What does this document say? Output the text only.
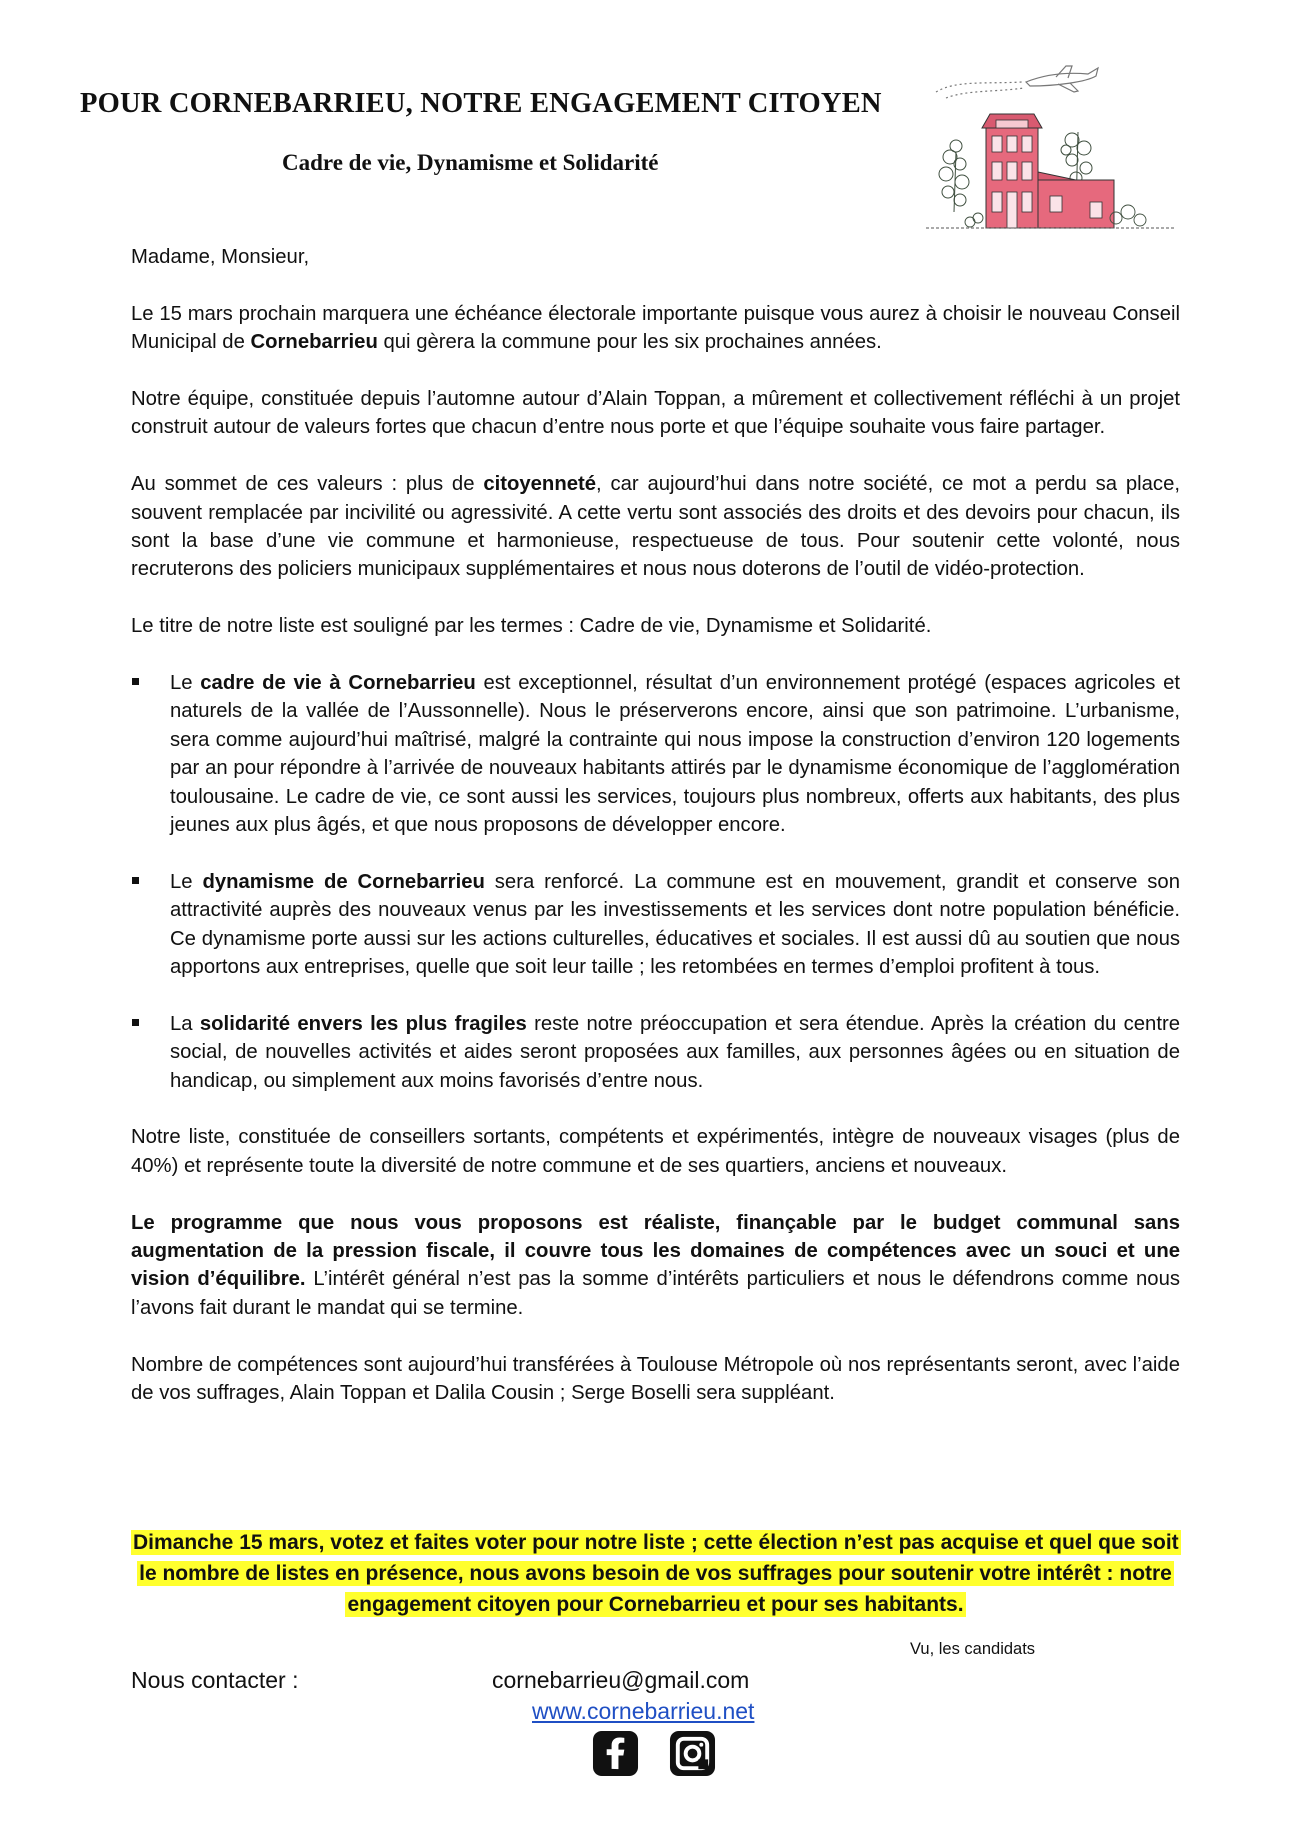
POUR CORNEBARRIEU, NOTRE ENGAGEMENT CITOYEN
Cadre de vie, Dynamisme et Solidarité

Madame, Monsieur,

Le 15 mars prochain marquera une échéance électorale importante puisque vous aurez à choisir le nouveau Conseil Municipal de Cornebarrieu qui gèrera la commune pour les six prochaines années.

Notre équipe, constituée depuis l’automne autour d’Alain Toppan, a mûrement et collectivement réfléchi à un projet construit autour de valeurs fortes que chacun d’entre nous porte et que l’équipe souhaite vous faire partager.

Au sommet de ces valeurs : plus de citoyenneté, car aujourd’hui dans notre société, ce mot a perdu sa place, souvent remplacée par incivilité ou agressivité. A cette vertu sont associés des droits et des devoirs pour chacun, ils sont la base d’une vie commune et harmonieuse, respectueuse de tous. Pour soutenir cette volonté, nous recruterons des policiers municipaux supplémentaires et nous nous doterons de l’outil de vidéo-protection.

Le titre de notre liste est souligné par les termes : Cadre de vie, Dynamisme et Solidarité.

Le cadre de vie à Cornebarrieu est exceptionnel, résultat d’un environnement protégé (espaces agricoles et naturels de la vallée de l’Aussonnelle). Nous le préserverons encore, ainsi que son patrimoine. L’urbanisme, sera comme aujourd’hui maîtrisé, malgré la contrainte qui nous impose la construction d’environ 120 logements par an pour répondre à l’arrivée de nouveaux habitants attirés par le dynamisme économique de l’agglomération toulousaine. Le cadre de vie, ce sont aussi les services, toujours plus nombreux, offerts aux habitants, des plus jeunes aux plus âgés, et que nous proposons de développer encore.
Le dynamisme de Cornebarrieu sera renforcé. La commune est en mouvement, grandit et conserve son attractivité auprès des nouveaux venus par les investissements et les services dont notre population bénéficie. Ce dynamisme porte aussi sur les actions culturelles, éducatives et sociales. Il est aussi dû au soutien que nous apportons aux entreprises, quelle que soit leur taille ; les retombées en termes d’emploi profitent à tous.
La solidarité envers les plus fragiles reste notre préoccupation et sera étendue. Après la création du centre social, de nouvelles activités et aides seront proposées aux familles, aux personnes âgées ou en situation de handicap, ou simplement aux moins favorisés d’entre nous.

Notre liste, constituée de conseillers sortants, compétents et expérimentés, intègre de nouveaux visages (plus de 40%) et représente toute la diversité de notre commune et de ses quartiers, anciens et nouveaux.

Le programme que nous vous proposons est réaliste, finançable par le budget communal sans augmentation de la pression fiscale, il couvre tous les domaines de compétences avec un souci et une vision d’équilibre. L’intérêt général n’est pas la somme d’intérêts particuliers et nous le défendrons comme nous l’avons fait durant le mandat qui se termine.

Nombre de compétences sont aujourd’hui transférées à Toulouse Métropole où nos représentants seront, avec l’aide de vos suffrages, Alain Toppan et Dalila Cousin ; Serge Boselli sera suppléant.

Dimanche 15 mars, votez et faites voter pour notre liste ; cette élection n’est pas acquise et quel que soit le nombre de listes en présence, nous avons besoin de vos suffrages pour soutenir votre intérêt : notre engagement citoyen pour Cornebarrieu et pour ses habitants.
Vu, les candidats
Nous contacter :	cornebarrieu@gmail.com
www.cornebarrieu.net
